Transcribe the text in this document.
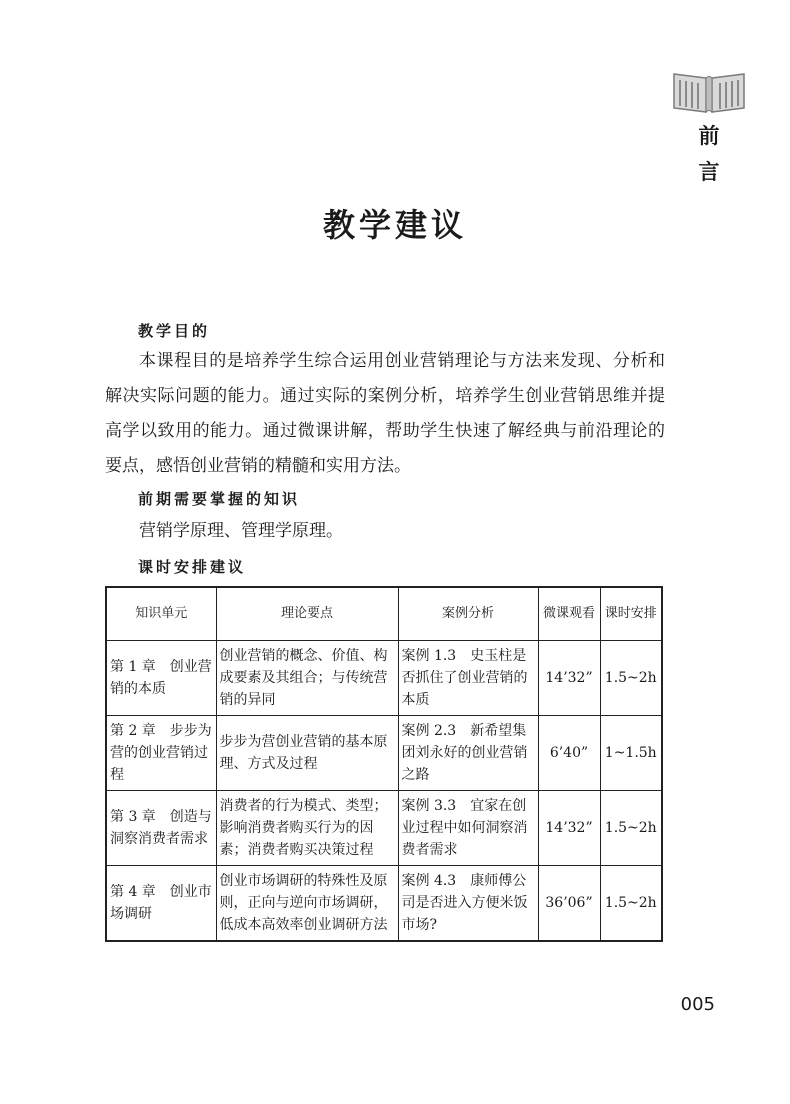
前
言
教学建议
教学目的
本课程目的是培养学生综合运用创业营销理论与方法来发现、分析和解决实际问题的能力。通过实际的案例分析，培养学生创业营销思维并提高学以致用的能力。通过微课讲解，帮助学生快速了解经典与前沿理论的要点，感悟创业营销的精髓和实用方法。
前期需要掌握的知识
营销学原理、管理学原理。
课时安排建议
知识单元	理论要点	案例分析	微课观看	课时安排
第 1 章　创业营销的本质	创业营销的概念、价值、构成要素及其组合；与传统营销的异同	案例 1.3　史玉柱是否抓住了创业营销的本质	14’32”	1.5~2h
第 2 章　步步为营的创业营销过程	步步为营创业营销的基本原理、方式及过程	案例 2.3　新希望集团刘永好的创业营销之路	6’40”	1~1.5h
第 3 章　创造与洞察消费者需求	消费者的行为模式、类型；影响消费者购买行为的因素；消费者购买决策过程	案例 3.3　宜家在创业过程中如何洞察消费者需求	14’32”	1.5~2h
第 4 章　创业市场调研	创业市场调研的特殊性及原则，正向与逆向市场调研，低成本高效率创业调研方法	案例 4.3　康师傅公司是否进入方便米饭市场?	36’06”	1.5~2h
005
